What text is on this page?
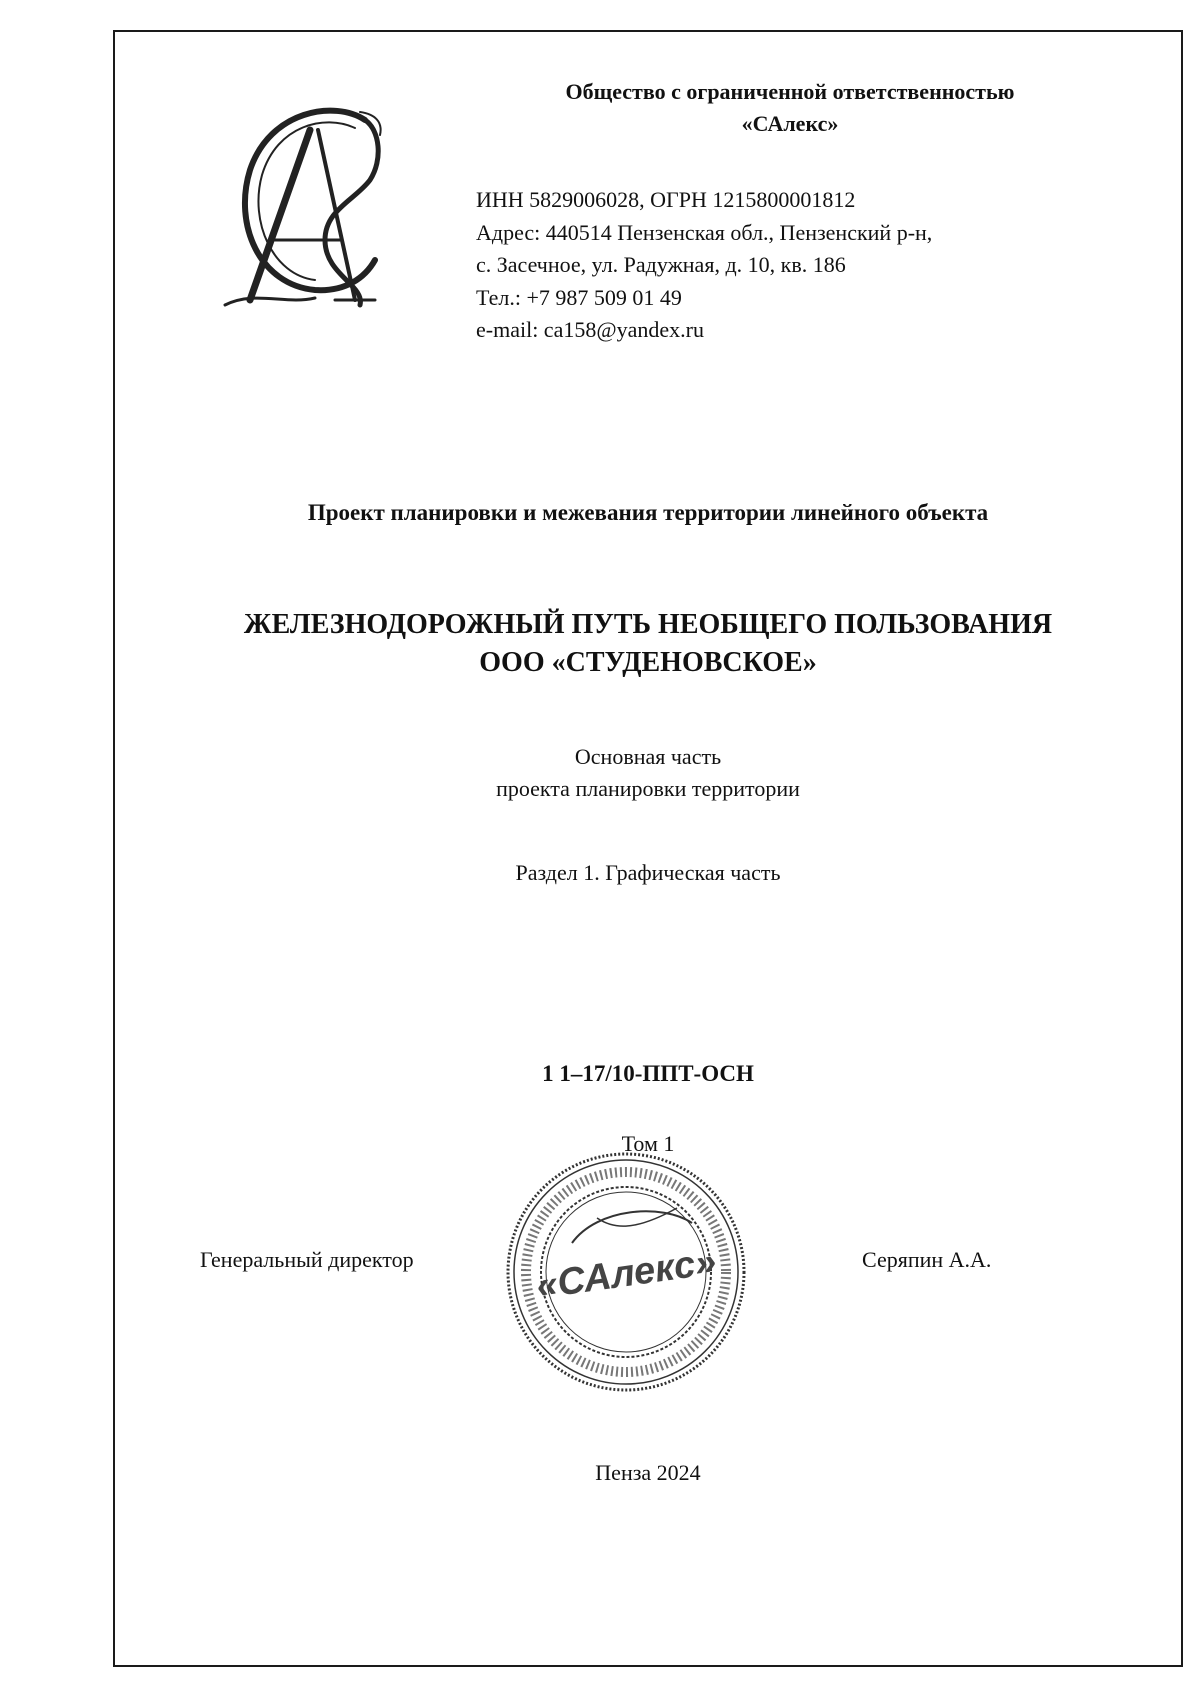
Общество с ограниченной ответственностью
«САлекс»
ИНН 5829006028, ОГРН 1215800001812
Адрес: 440514 Пензенская обл., Пензенский р-н,
с. Засечное, ул. Радужная, д. 10, кв. 186
Тел.: +7 987 509 01 49
e-mail: ca158@yandex.ru
Проект планировки и межевания территории линейного объекта
ЖЕЛЕЗНОДОРОЖНЫЙ ПУТЬ НЕОБЩЕГО ПОЛЬЗОВАНИЯ
ООО «СТУДЕНОВСКОЕ»
Основная часть
проекта планировки территории
Раздел 1. Графическая часть
1 1–17/10-ППТ-ОСН
Том 1
Генеральный директор	Серяпин А.А.
«САлекс»
Пенза 2024
